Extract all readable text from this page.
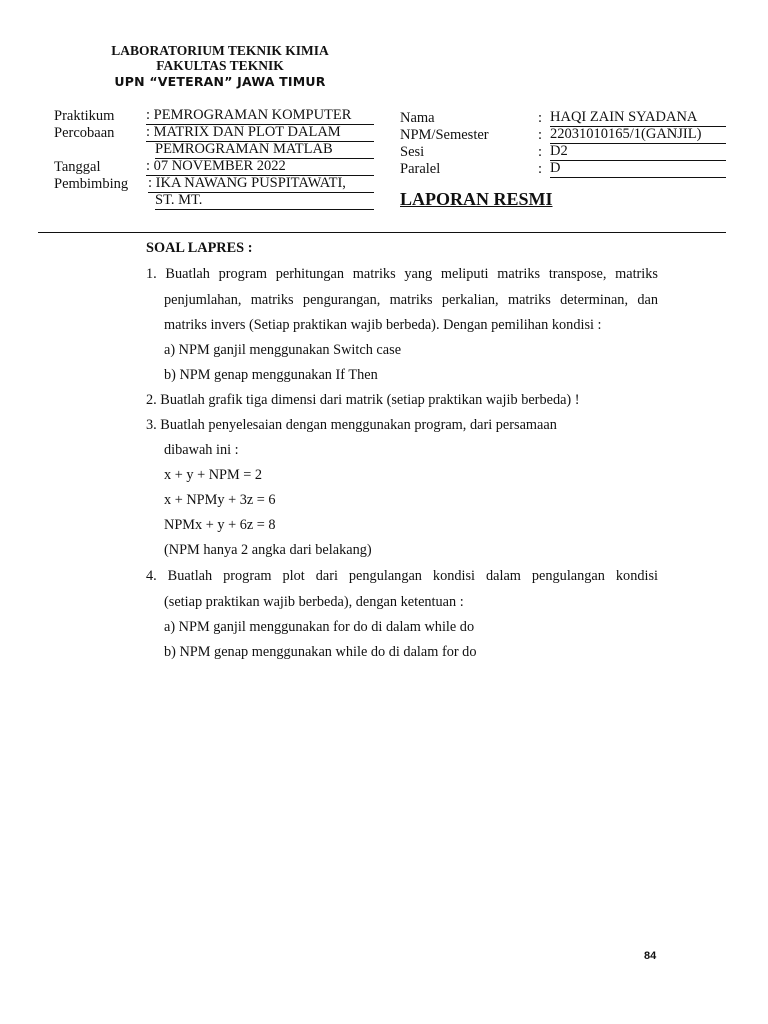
LABORATORIUM TEKNIK KIMIA
FAKULTAS TEKNIK
UPN “VETERAN” JAWA TIMUR
Praktikum : PEMROGRAMAN KOMPUTER
Percobaan : MATRIX DAN PLOT DALAM
PEMROGRAMAN MATLAB
Tanggal	: 07 NOVEMBER 2022
Pembimbing : IKA NAWANG PUSPITAWATI,
ST. MT.
Nama	: HAQI ZAIN SYADANA
NPM/Semester	: 22031010165/1(GANJIL)
Sesi	: D2
Paralel	: D
LAPORAN RESMI
SOAL LAPRES :
1. Buatlah program perhitungan matriks yang meliputi matriks transpose, matriks
penjumlahan, matriks pengurangan, matriks perkalian, matriks determinan, dan
matriks invers (Setiap praktikan wajib berbeda). Dengan pemilihan kondisi :
a) NPM ganjil menggunakan Switch case
b) NPM genap menggunakan If Then
2. Buatlah grafik tiga dimensi dari matrik (setiap praktikan wajib berbeda) !
3. Buatlah penyelesaian dengan menggunakan program, dari persamaan
dibawah ini :
x + y + NPM = 2
x + NPMy + 3z = 6
NPMx + y + 6z = 8
(NPM hanya 2 angka dari belakang)
4. Buatlah program plot dari pengulangan kondisi dalam pengulangan kondisi
(setiap praktikan wajib berbeda), dengan ketentuan :
a) NPM ganjil menggunakan for do di dalam while do
b) NPM genap menggunakan while do di dalam for do
84
